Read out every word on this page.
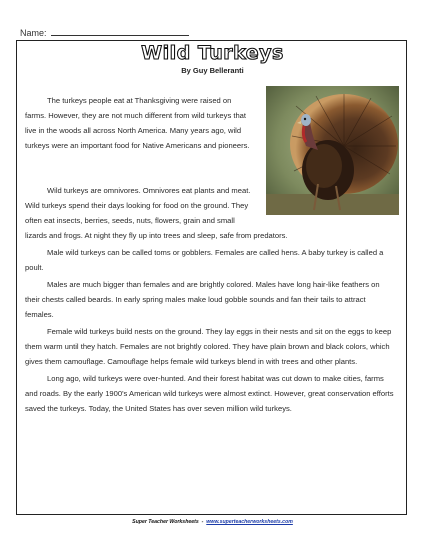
Name:
Wild Turkeys
By Guy Belleranti

The turkeys people eat at Thanksgiving were raised on farms. However, they are not much different from wild turkeys that live in the woods all across North America. Many years ago, wild turkeys were an important food for Native Americans and pioneers.

Wild turkeys are omnivores. Omnivores eat plants and meat. Wild turkeys spend their days looking for food on the ground. They often eat insects, berries, seeds, nuts, flowers, grain and small lizards and frogs. At night they fly up into trees and sleep, safe from predators.

Male wild turkeys can be called toms or gobblers. Females are called hens. A baby turkey is called a poult.

Males are much bigger than females and are brightly colored. Males have long hair-like feathers on their chests called beards. In early spring males make loud gobble sounds and fan their tails to attract females.

Female wild turkeys build nests on the ground. They lay eggs in their nests and sit on the eggs to keep them warm until they hatch. Females are not brightly colored. They have plain brown and black colors, which gives them camouflage. Camouflage helps female wild turkeys blend in with trees and other plants.

Long ago, wild turkeys were over-hunted. And their forest habitat was cut down to make cities, farms and roads. By the early 1900's American wild turkeys were almost extinct. However, great conservation efforts saved the turkeys. Today, the United States has over seven million wild turkeys.

Super Teacher Worksheets - www.superteacherworksheets.com
